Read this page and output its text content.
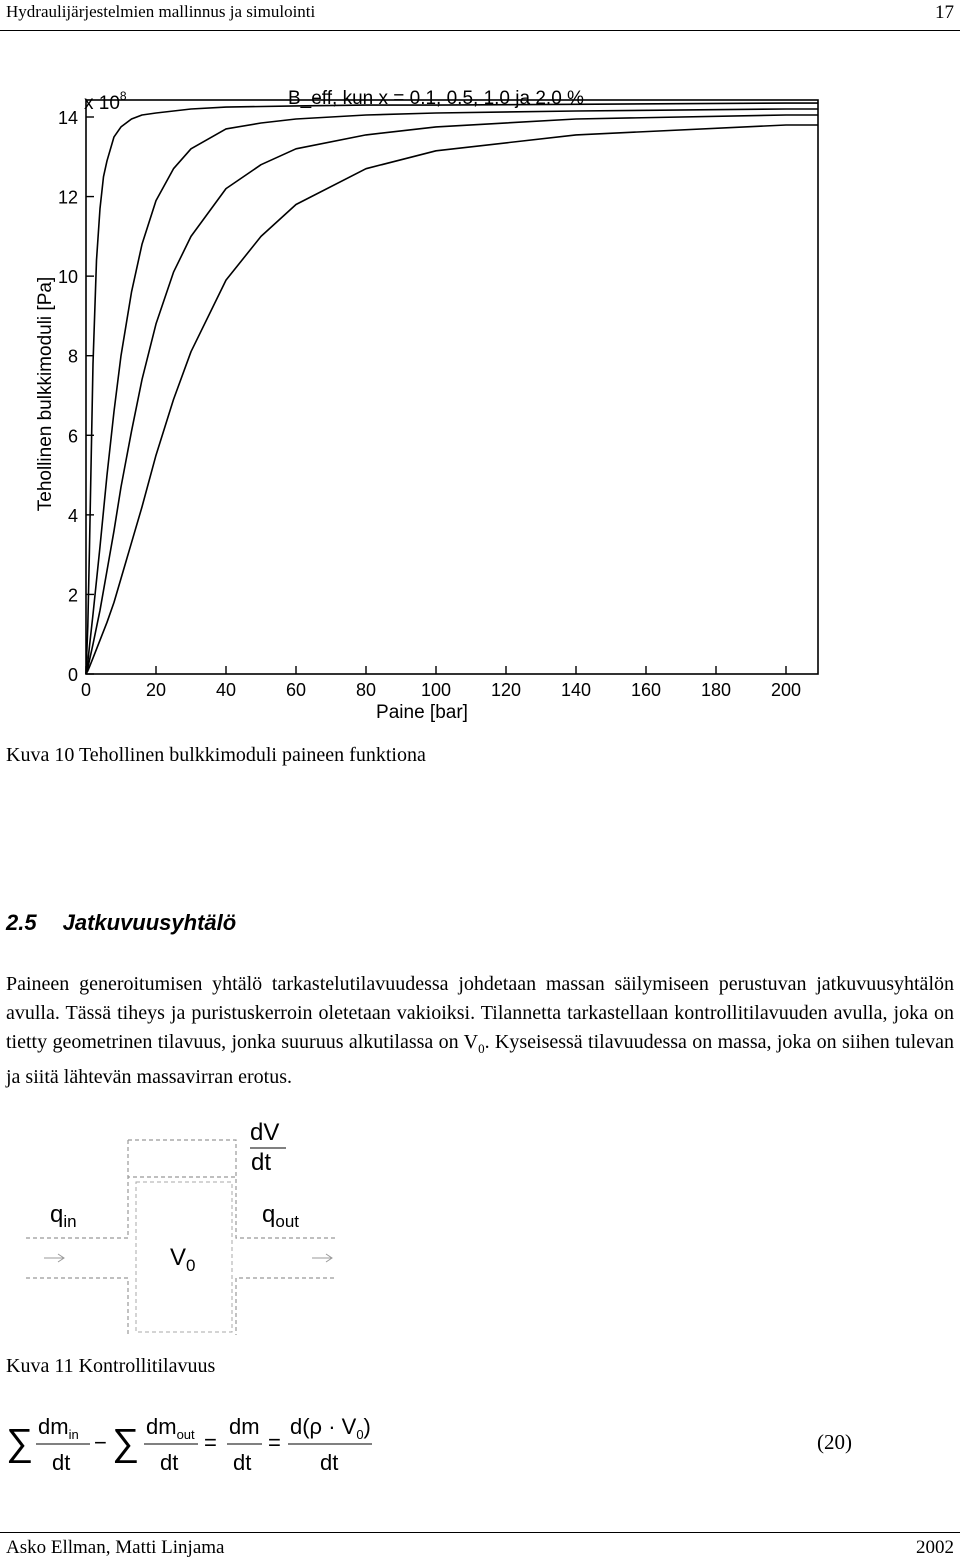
Hydraulijärjestelmien mallinnus ja simulointi	17
0	20	40	60	80 100 120 140 160 180 200
0
2
4
6
8
10
12
14
B_eff, kun x = 0.1, 0.5, 1.0 ja 2.0 %
x $10^8$
Paine [bar]
Tehollinen bulkkimoduli [Pa]
Kuva 10 Tehollinen bulkkimoduli paineen funktiona
2.5 Jatkuvuusyhtälö
Paineen generoitumisen yhtälö tarkastelutilavuudessa johdetaan massan säilymiseen perustuvan jatkuvuusyhtälön avulla. Tässä tiheys ja puristuskerroin oletetaan vakioiksi. Tilannetta tarkastellaan kontrollitilavuuden avulla, joka on tietty geometrinen tilavuus, jonka suuruus alkutilassa on $V_0$. Kyseisessä tilavuudessa on massa, joka on siihen tulevan ja siitä lähtevän massavirran erotus.
dV
dt
$q_{in}$	$q_{out}$
$V_0$
Kuva 11 Kontrollitilavuus
∑ $dm_{in}$
dt
− ∑ $dm_{out}$
dt
=
dm
dt
=
$d(\rho \cdot V_0)$
dt
(20)
Asko Ellman, Matti Linjama	2002
